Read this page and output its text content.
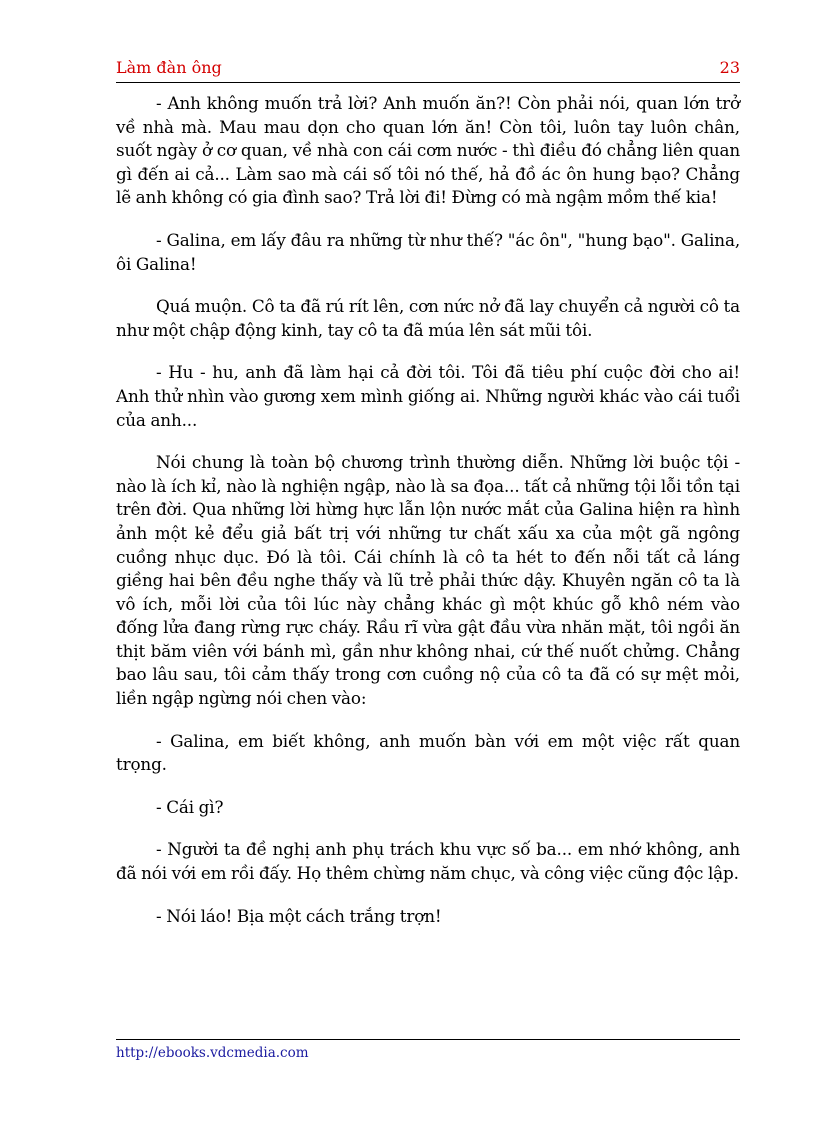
Làm đàn ông	23

- Anh không muốn trả lời? Anh muốn ăn?! Còn phải nói, quan lớn trở về nhà mà. Mau mau dọn cho quan lớn ăn! Còn tôi, luôn tay luôn chân, suốt ngày ở cơ quan, về nhà con cái cơm nước - thì điều đó chẳng liên quan gì đến ai cả... Làm sao mà cái số tôi nó thế, hả đồ ác ôn hung bạo? Chẳng lẽ anh không có gia đình sao? Trả lời đi! Đừng có mà ngậm mồm thế kia!

- Galina, em lấy đâu ra những từ như thế? "ác ôn", "hung bạo". Galina, ôi Galina!

Quá muộn. Cô ta đã rú rít lên, cơn nức nở đã lay chuyển cả người cô ta như một chập động kinh, tay cô ta đã múa lên sát mũi tôi.

- Hu - hu, anh đã làm hại cả đời tôi. Tôi đã tiêu phí cuộc đời cho ai! Anh thử nhìn vào gương xem mình giống ai. Những người khác vào cái tuổi của anh...

Nói chung là toàn bộ chương trình thường diễn. Những lời buộc tội - nào là ích kỉ, nào là nghiện ngập, nào là sa đọa... tất cả những tội lỗi tồn tại trên đời. Qua những lời hừng hực lẫn lộn nước mắt của Galina hiện ra hình ảnh một kẻ đểu giả bất trị với những tư chất xấu xa của một gã ngông cuồng nhục dục. Đó là tôi. Cái chính là cô ta hét to đến nỗi tất cả láng giềng hai bên đều nghe thấy và lũ trẻ phải thức dậy. Khuyên ngăn cô ta là vô ích, mỗi lời của tôi lúc này chẳng khác gì một khúc gỗ khô ném vào đống lửa đang rừng rực cháy. Rầu rĩ vừa gật đầu vừa nhăn mặt, tôi ngồi ăn thịt băm viên với bánh mì, gần như không nhai, cứ thế nuốt chửng. Chẳng bao lâu sau, tôi cảm thấy trong cơn cuồng nộ của cô ta đã có sự mệt mỏi, liền ngập ngừng nói chen vào:

- Galina, em biết không, anh muốn bàn với em một việc rất quan trọng.

- Cái gì?

- Người ta đề nghị anh phụ trách khu vực số ba... em nhớ không, anh đã nói với em rồi đấy. Họ thêm chừng năm chục, và công việc cũng độc lập.

- Nói láo! Bịa một cách trắng trợn!

http://ebooks.vdcmedia.com
